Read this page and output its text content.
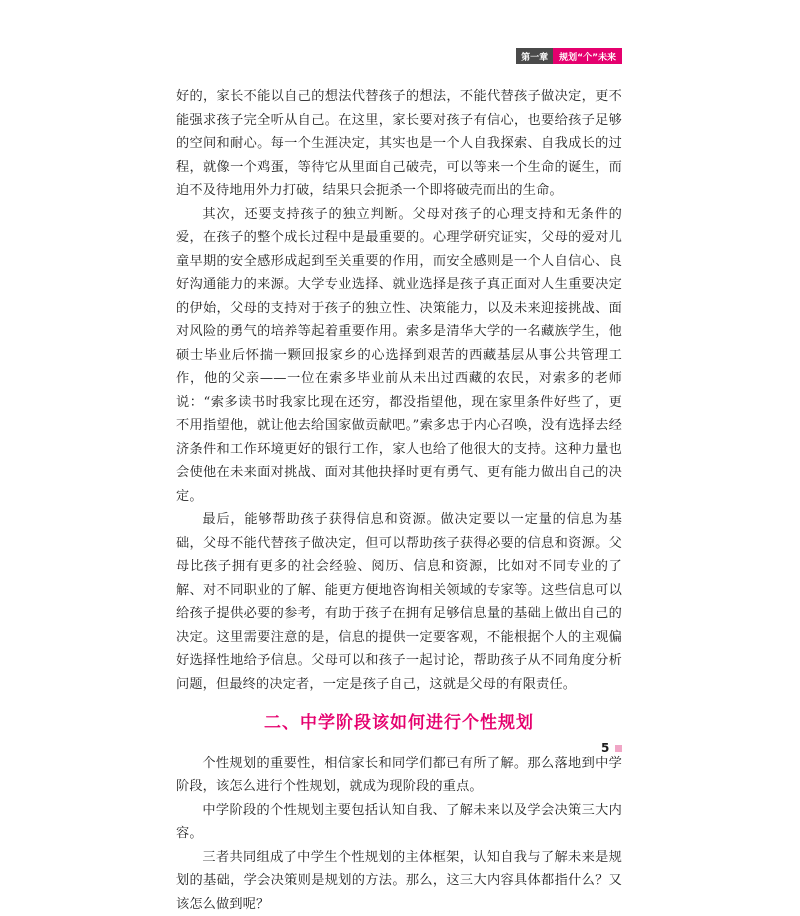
第一章	规划“个”未来

好的，家长不能以自己的想法代替孩子的想法，不能代替孩子做决定，更不能强求孩子完全听从自己。在这里，家长要对孩子有信心，也要给孩子足够的空间和耐心。每一个生涯决定，其实也是一个人自我探索、自我成长的过程，就像一个鸡蛋，等待它从里面自己破壳，可以等来一个生命的诞生，而迫不及待地用外力打破，结果只会扼杀一个即将破壳而出的生命。

其次，还要支持孩子的独立判断。父母对孩子的心理支持和无条件的爱，在孩子的整个成长过程中是最重要的。心理学研究证实，父母的爱对儿童早期的安全感形成起到至关重要的作用，而安全感则是一个人自信心、良好沟通能力的来源。大学专业选择、就业选择是孩子真正面对人生重要决定的伊始，父母的支持对于孩子的独立性、决策能力，以及未来迎接挑战、面对风险的勇气的培养等起着重要作用。索多是清华大学的一名藏族学生，他硕士毕业后怀揣一颗回报家乡的心选择到艰苦的西藏基层从事公共管理工作，他的父亲——一位在索多毕业前从未出过西藏的农民，对索多的老师说：“索多读书时我家比现在还穷，都没指望他，现在家里条件好些了，更不用指望他，就让他去给国家做贡献吧。”索多忠于内心召唤，没有选择去经济条件和工作环境更好的银行工作，家人也给了他很大的支持。这种力量也会使他在未来面对挑战、面对其他抉择时更有勇气、更有能力做出自己的决定。

最后，能够帮助孩子获得信息和资源。做决定要以一定量的信息为基础，父母不能代替孩子做决定，但可以帮助孩子获得必要的信息和资源。父母比孩子拥有更多的社会经验、阅历、信息和资源，比如对不同专业的了解、对不同职业的了解、能更方便地咨询相关领域的专家等。这些信息可以给孩子提供必要的参考，有助于孩子在拥有足够信息量的基础上做出自己的决定。这里需要注意的是，信息的提供一定要客观，不能根据个人的主观偏好选择性地给予信息。父母可以和孩子一起讨论，帮助孩子从不同角度分析问题，但最终的决定者，一定是孩子自己，这就是父母的有限责任。

二、中学阶段该如何进行个性规划

个性规划的重要性，相信家长和同学们都已有所了解。那么落地到中学阶段，该怎么进行个性规划，就成为现阶段的重点。

中学阶段的个性规划主要包括认知自我、了解未来以及学会决策三大内容。

三者共同组成了中学生个性规划的主体框架，认知自我与了解未来是规划的基础，学会决策则是规划的方法。那么，这三大内容具体都指什么？又该怎么做到呢？

5
